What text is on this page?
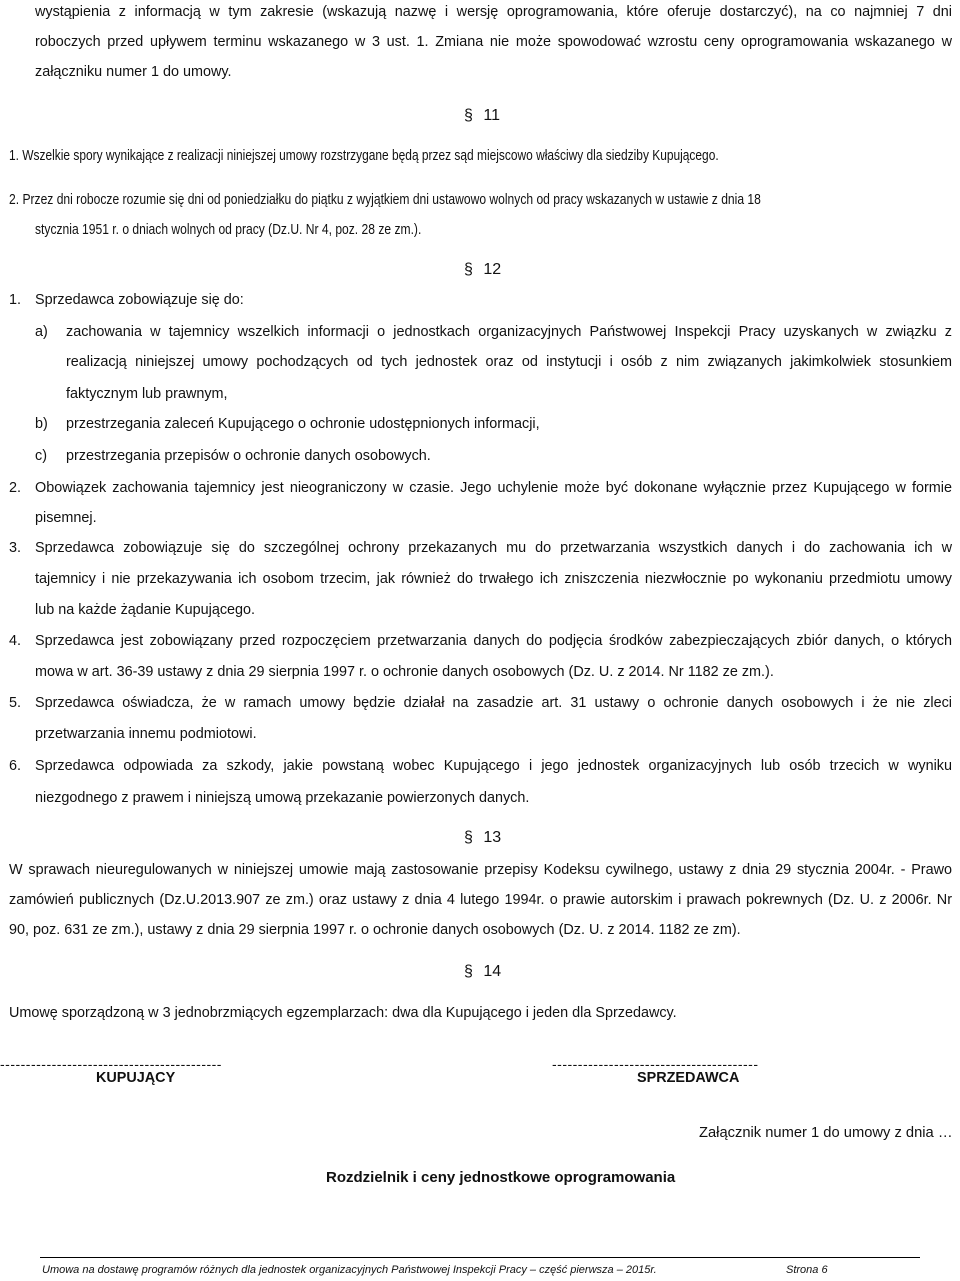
wystąpienia z informacją w tym zakresie (wskazują nazwę i wersję oprogramowania, które oferuje dostarczyć), na co najmniej 7 dni
roboczych przed upływem terminu wskazanego w 3 ust. 1. Zmiana nie może spowodować wzrostu ceny oprogramowania wskazanego w
załączniku numer 1 do umowy.
§ 11
1. Wszelkie spory wynikające z realizacji niniejszej umowy rozstrzygane będą przez sąd miejscowo właściwy dla siedziby Kupującego.
2. Przez dni robocze rozumie się dni od poniedziałku do piątku z wyjątkiem dni ustawowo wolnych od pracy wskazanych w ustawie z dnia 18
stycznia 1951 r. o dniach wolnych od pracy (Dz.U. Nr 4, poz. 28 ze zm.).
§ 12
1. Sprzedawca zobowiązuje się do:
a) zachowania w tajemnicy wszelkich informacji o jednostkach organizacyjnych Państwowej Inspekcji Pracy uzyskanych w związku z
realizacją niniejszej umowy pochodzących od tych jednostek oraz od instytucji i osób z nim związanych jakimkolwiek stosunkiem
faktycznym lub prawnym,
b) przestrzegania zaleceń Kupującego o ochronie udostępnionych informacji,
c) przestrzegania przepisów o ochronie danych osobowych.
2. Obowiązek zachowania tajemnicy jest nieograniczony w czasie. Jego uchylenie może być dokonane wyłącznie przez Kupującego w formie
pisemnej.
3. Sprzedawca zobowiązuje się do szczególnej ochrony przekazanych mu do przetwarzania wszystkich danych i do zachowania ich w
tajemnicy i nie przekazywania ich osobom trzecim, jak również do trwałego ich zniszczenia niezwłocznie po wykonaniu przedmiotu umowy
lub na każde żądanie Kupującego.
4. Sprzedawca jest zobowiązany przed rozpoczęciem przetwarzania danych do podjęcia środków zabezpieczających zbiór danych, o których
mowa w art. 36-39 ustawy z dnia 29 sierpnia 1997 r. o ochronie danych osobowych (Dz. U. z 2014. Nr 1182 ze zm.).
5. Sprzedawca oświadcza, że w ramach umowy będzie działał na zasadzie art. 31 ustawy o ochronie danych osobowych i że nie zleci
przetwarzania innemu podmiotowi.
6. Sprzedawca odpowiada za szkody, jakie powstaną wobec Kupującego i jego jednostek organizacyjnych lub osób trzecich w wyniku
niezgodnego z prawem i niniejszą umową przekazanie powierzonych danych.
§ 13
W sprawach nieuregulowanych w niniejszej umowie mają zastosowanie przepisy Kodeksu cywilnego, ustawy z dnia 29 stycznia 2004r. - Prawo
zamówień publicznych (Dz.U.2013.907 ze zm.) oraz ustawy z dnia 4 lutego 1994r. o prawie autorskim i prawach pokrewnych (Dz. U. z 2006r. Nr
90, poz. 631 ze zm.), ustawy z dnia 29 sierpnia 1997 r. o ochronie danych osobowych (Dz. U. z 2014. 1182 ze zm).
§ 14
Umowę sporządzoną w 3 jednobrzmiących egzemplarzach: dwa dla Kupującego i jeden dla Sprzedawcy.
-------------------------------------------	----------------------------------------
KUPUJĄCY	SPRZEDAWCA
Załącznik numer 1 do umowy z dnia …
Rozdzielnik i ceny jednostkowe oprogramowania
Umowa na dostawę programów różnych dla jednostek organizacyjnych Państwowej Inspekcji Pracy – część pierwsza – 2015r.	Strona 6
